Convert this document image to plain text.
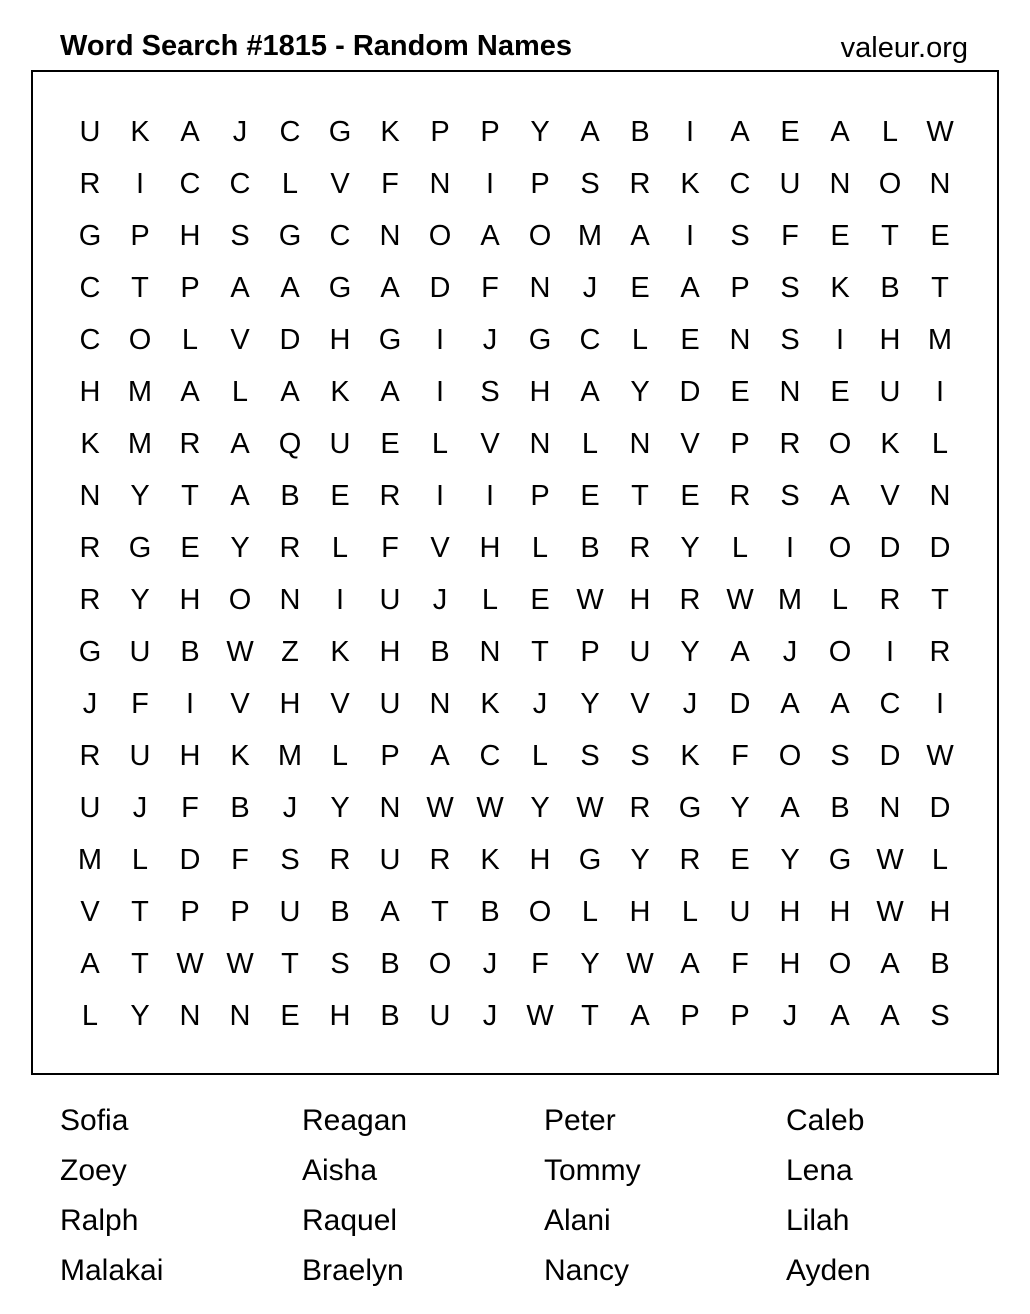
Word Search #1815 - Random Names	valeur.org
U	K	A	J	C G	K	P	P	Y	A	B	I	A	E	A	L W
R	I	C	C	L	V	F	N	I	P	S	R	K	C	U	N O N
G	P	H	S	G C	N O	A	O M A	I	S	F	E	T	E
C	T	P	A	A	G	A	D	F	N	J	E	A	P	S	K	B	T
C O	L	V	D	H G	I	J	G C	L	E	N	S	I	H M
H M A	L	A	K	A	I	S	H	A	Y	D	E	N	E	U	I
K M R	A	Q U	E	L	V	N	L	N	V	P	R O	K	L
N	Y	T	A	B	E	R	I	I	P	E	T	E	R	S	A	V	N
R G	E	Y	R	L	F	V	H	L	B	R	Y	L	I	O D	D
R	Y	H O N	I	U	J	L	E W H	R W M	L	R	T
G U	B W Z	K	H	B	N	T	P	U	Y	A	J	O	I	R
J	F	I	V	H	V	U	N	K	J	Y	V	J	D	A	A	C	I
R	U	H	K M	L	P	A	C	L	S	S	K	F	O	S	D W
U	J	F	B	J	Y	N W W Y W R G	Y	A	B	N	D
M	L	D	F	S	R	U	R	K	H G	Y	R	E	Y	G W L
V	T	P	P	U	B	A	T	B	O	L	H	L	U	H	H W H
A	T W W T	S	B	O	J	F	Y W A	F	H O	A	B
L	Y	N	N	E	H	B	U	J	W T	A	P	P	J	A	A	S
Sofia	Reagan	Peter	Caleb
Zoey	Aisha	Tommy	Lena
Ralph	Raquel	Alani	Lilah
Malakai	Braelyn	Nancy	Ayden
